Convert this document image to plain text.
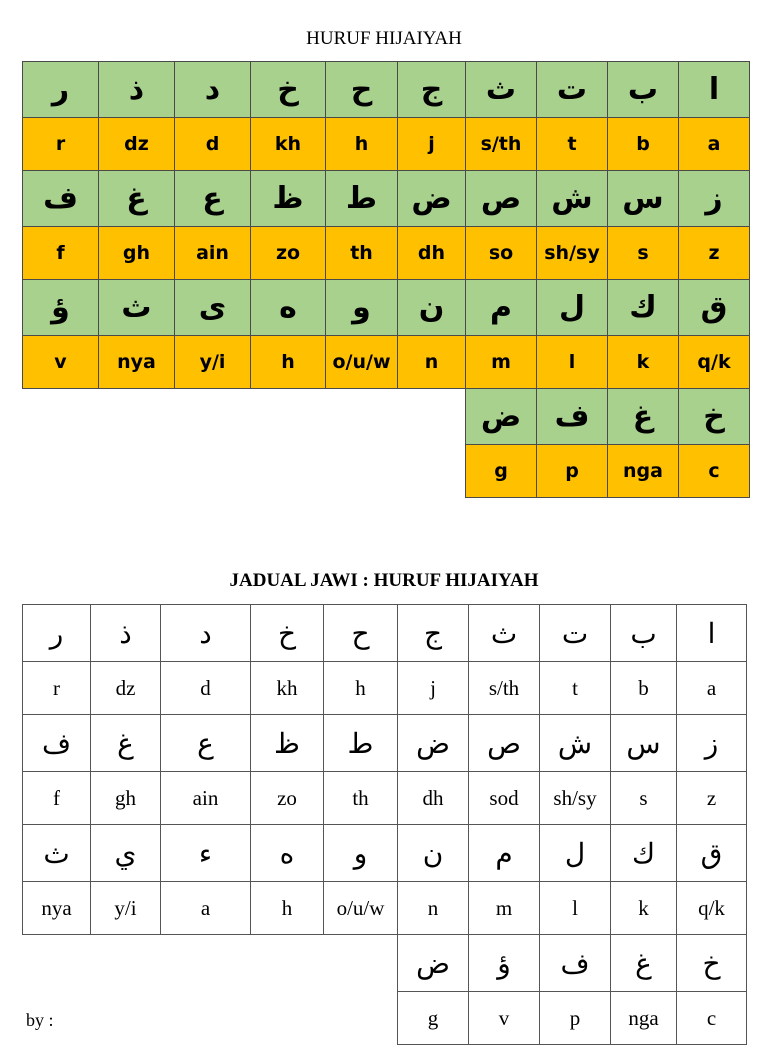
HURUF HIJAIYAH
ر	ذ	د	خ	ح	ج	ث	ت	ب	ا
r	dz	d	kh	h	j	s/th	t	b	a
ف	غ	ع	ظ	ط	ض	ص	ش	س	ز
f	gh	ain	zo	th	dh	so	sh/sy	s	z
ؤ	ث	ى	ه	و	ن	م	ل	ك	ق
v	nya	y/i	h	o/u/w	n	m	l	k	q/k
						ض	ف	غ	خ
						g	p	nga	c
JADUAL JAWI : HURUF HIJAIYAH
ر	ذ	د	خ	ح	ج	ث	ت	ب	ا
r	dz	d	kh	h	j	s/th	t	b	a
ف	غ	ع	ظ	ط	ض	ص	ش	س	ز
f	gh	ain	zo	th	dh	sod	sh/sy	s	z
ث	ي	ء	ه	و	ن	م	ل	ك	ق
nya	y/i	a	h	o/u/w	n	m	l	k	q/k
					ض	ؤ	ف	غ	خ
					g	v	p	nga	c
by :
